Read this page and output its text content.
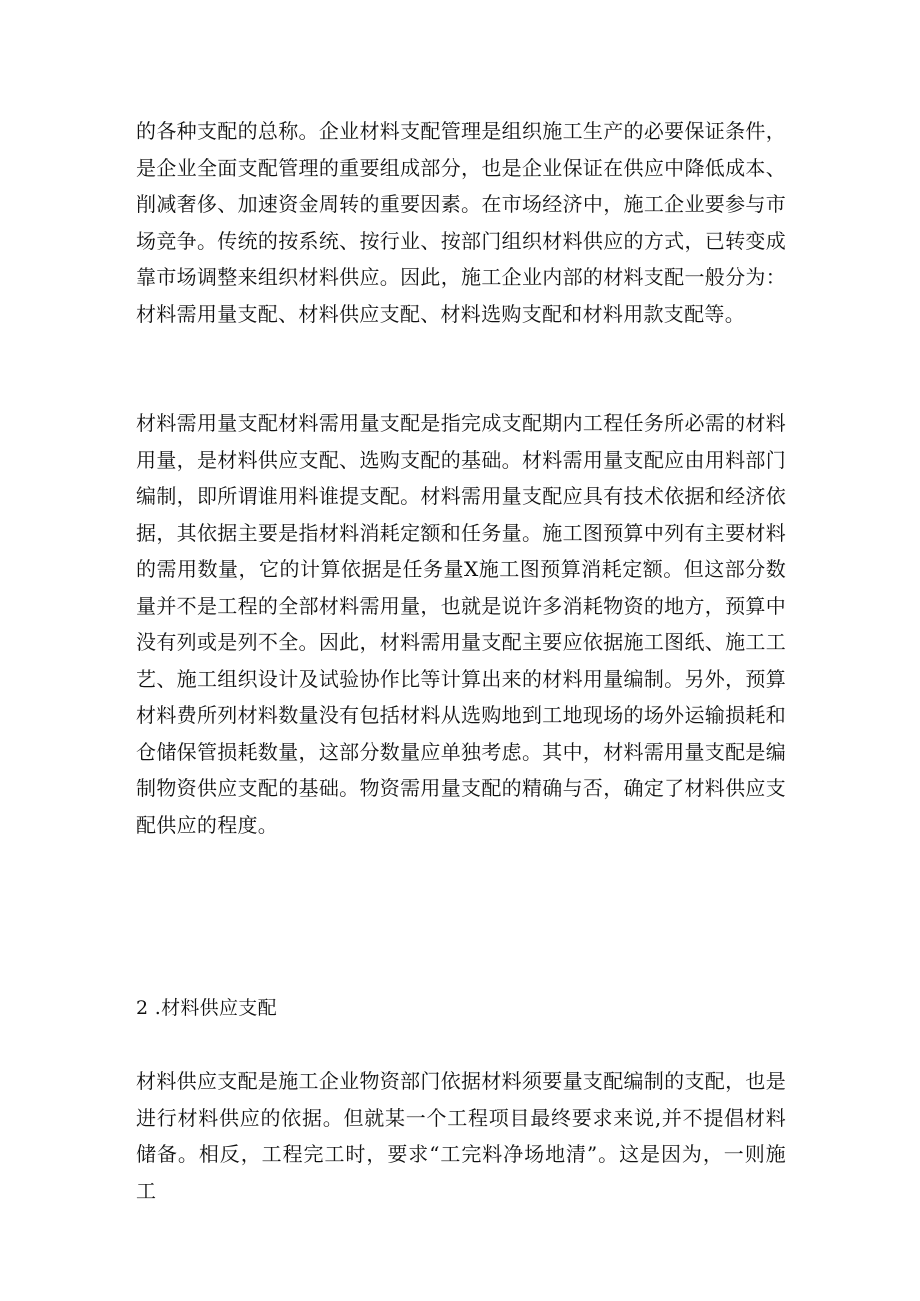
的各种支配的总称。企业材料支配管理是组织施工生产的必要保证条件，是企业全面支配管理的重要组成部分，也是企业保证在供应中降低成本、削减奢侈、加速资金周转的重要因素。在市场经济中，施工企业要参与市场竞争。传统的按系统、按行业、按部门组织材料供应的方式，已转变成靠市场调整来组织材料供应。因此，施工企业内部的材料支配一般分为：材料需用量支配、材料供应支配、材料选购支配和材料用款支配等。

材料需用量支配材料需用量支配是指完成支配期内工程任务所必需的材料用量，是材料供应支配、选购支配的基础。材料需用量支配应由用料部门编制，即所谓谁用料谁提支配。材料需用量支配应具有技术依据和经济依据，其依据主要是指材料消耗定额和任务量。施工图预算中列有主要材料的需用数量，它的计算依据是任务量X施工图预算消耗定额。但这部分数量并不是工程的全部材料需用量，也就是说许多消耗物资的地方，预算中没有列或是列不全。因此，材料需用量支配主要应依据施工图纸、施工工艺、施工组织设计及试验协作比等计算出来的材料用量编制。另外，预算材料费所列材料数量没有包括材料从选购地到工地现场的场外运输损耗和仓储保管损耗数量，这部分数量应单独考虑。其中，材料需用量支配是编制物资供应支配的基础。物资需用量支配的精确与否，确定了材料供应支配供应的程度。

2 .材料供应支配

材料供应支配是施工企业物资部门依据材料须要量支配编制的支配，也是进行材料供应的依据。但就某一个工程项目最终要求来说,并不提倡材料储备。相反，工程完工时，要求“工完料净场地清”。这是因为，一则施工
